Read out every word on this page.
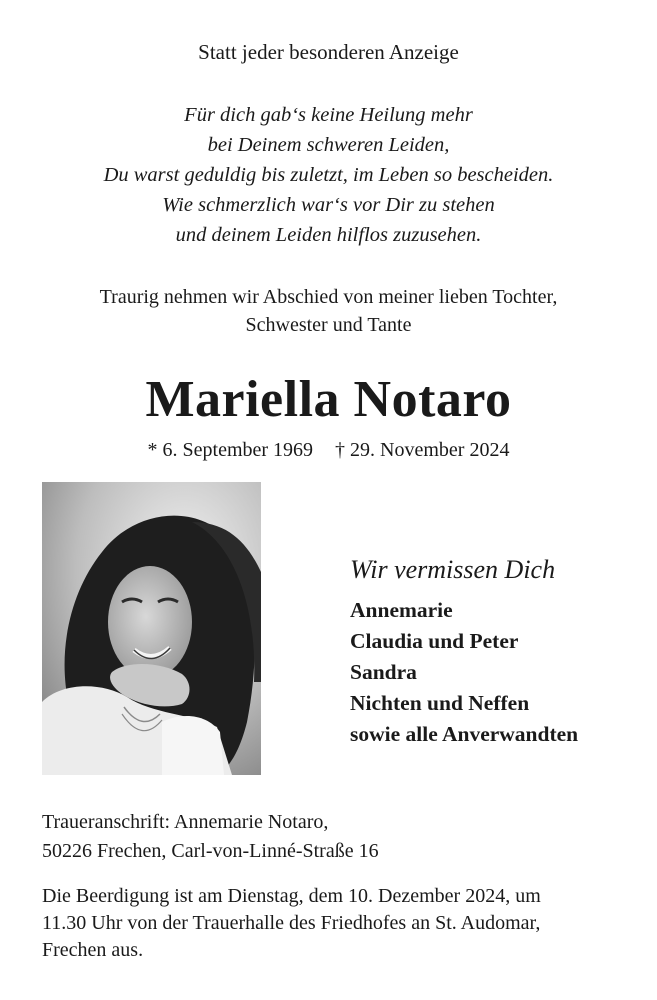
Statt jeder besonderen Anzeige
Für dich gab‘s keine Heilung mehr
bei Deinem schweren Leiden,
Du warst geduldig bis zuletzt, im Leben so bescheiden.
Wie schmerzlich war‘s vor Dir zu stehen
und deinem Leiden hilflos zuzusehen.
Traurig nehmen wir Abschied von meiner lieben Tochter,
Schwester und Tante
Mariella Notaro
* 6. September 1969 † 29. November 2024
Wir vermissen Dich
Annemarie
Claudia und Peter
Sandra
Nichten und Neffen
sowie alle Anverwandten
Traueranschrift: Annemarie Notaro,
50226 Frechen, Carl-von-Linné-Straße 16
Die Beerdigung ist am Dienstag, dem 10. Dezember 2024, um
11.30 Uhr von der Trauerhalle des Friedhofes an St. Audomar,
Frechen aus.
